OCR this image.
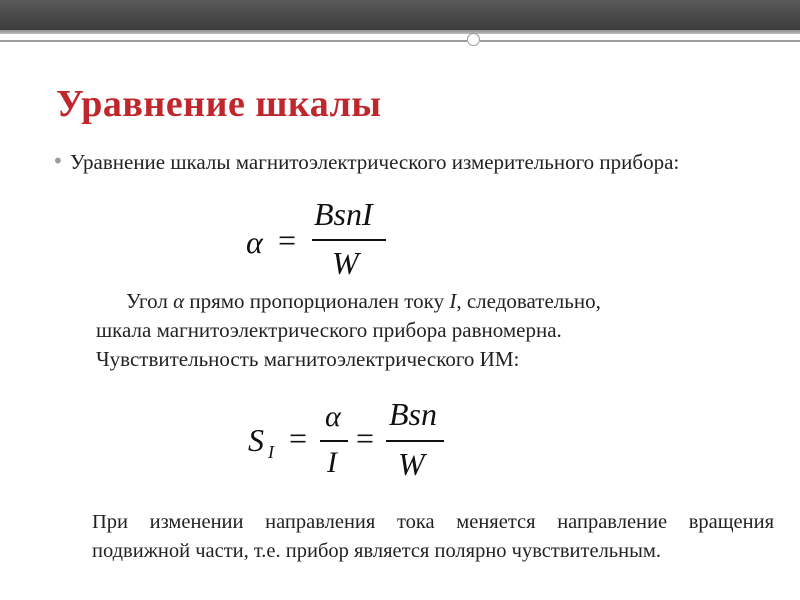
Уравнение шкалы
• Уравнение шкалы магнитоэлектрического измерительного прибора:
α =
BsnI
W
Угол α прямо пропорционален току I, следовательно,
шкала магнитоэлектрического прибора равномерна.
Чувствительность магнитоэлектрического ИМ:
S I =
α
I
=
Bsn
W
При изменении направления тока меняется направление вращения подвижной части, т.е. прибор является полярно чувствительным.
